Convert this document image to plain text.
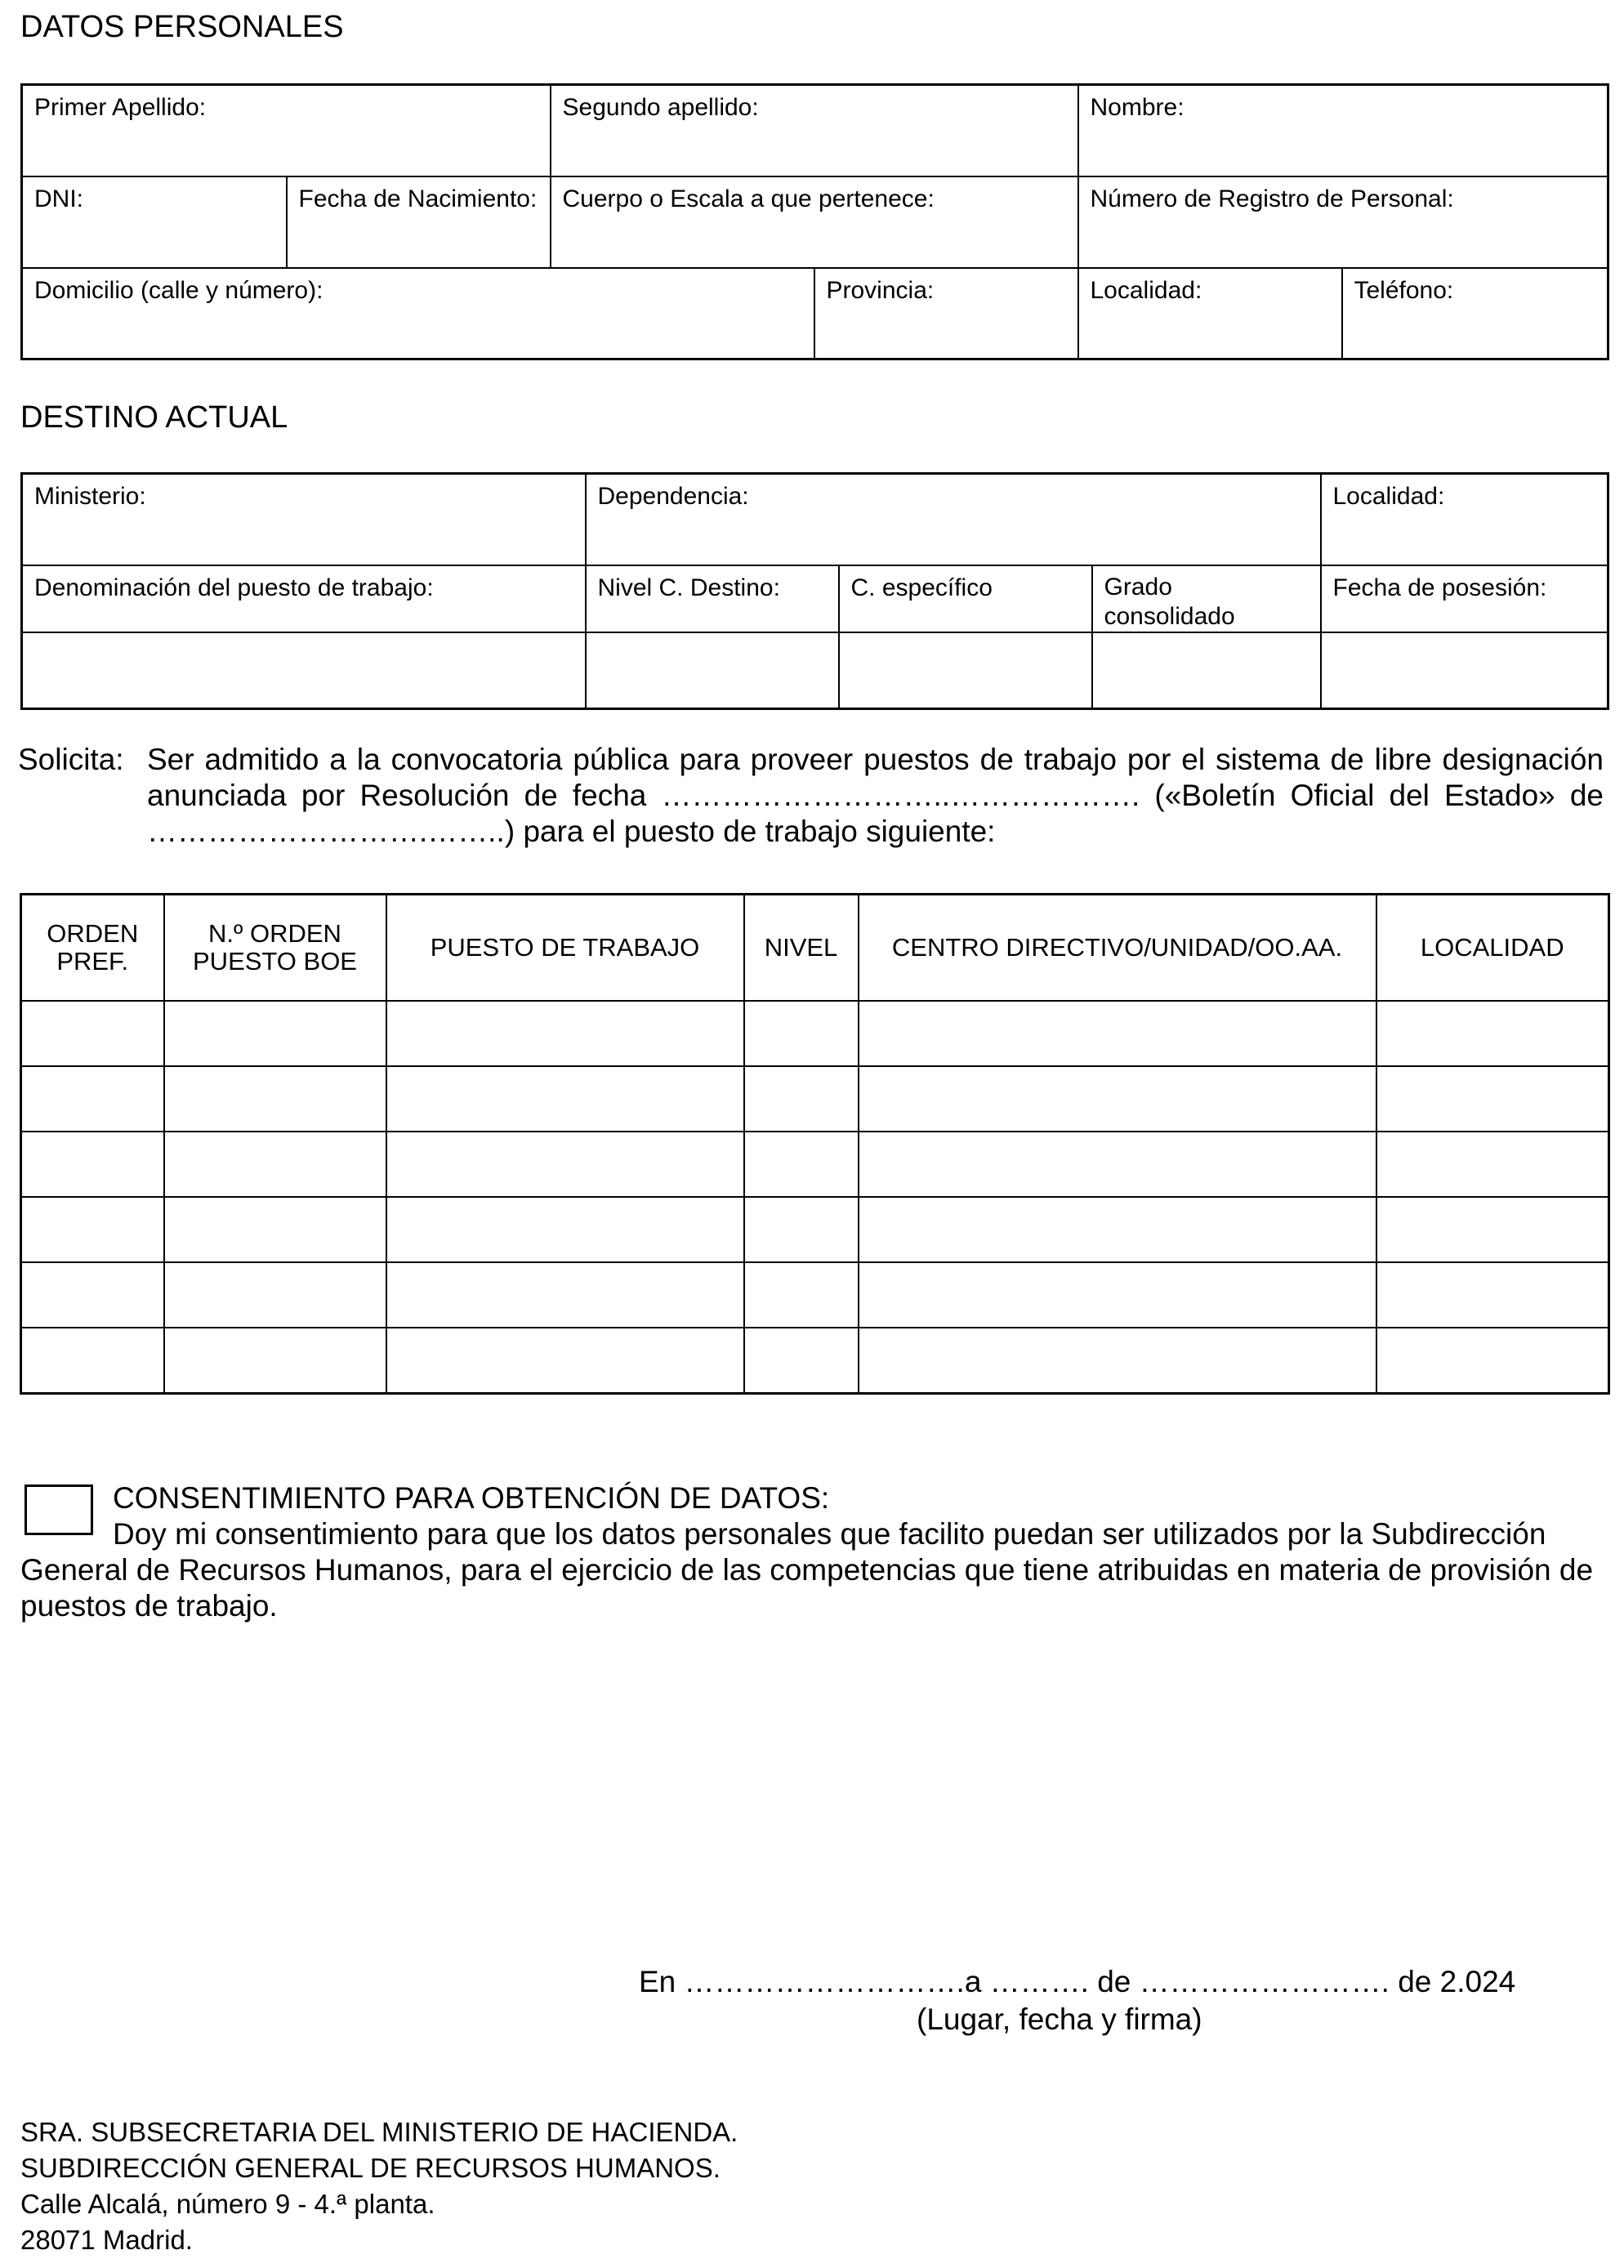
DATOS PERSONALES
Primer Apellido:		Segundo apellido:		Nombre:	
DNI:	Fecha de Nacimiento:	Cuerpo o Escala a que pertenece:		Número de Registro de Personal:	
Domicilio (calle y número):			Provincia:	Localidad:	Teléfono:
DESTINO ACTUAL
Ministerio:	Dependencia:			Localidad:
Denominación del puesto de trabajo:	Nivel C. Destino:	C. específico	Grado consolidado	Fecha de posesión:

Solicita: Ser admitido a la convocatoria pública para proveer puestos de trabajo por el sistema de libre designación anunciada por Resolución de fecha ………………………..………………. («Boletín Oficial del Estado» de ……………………….……..) para el puesto de trabajo siguiente:
ORDEN PREF.	N.º ORDEN PUESTO BOE	PUESTO DE TRABAJO	NIVEL	CENTRO DIRECTIVO/UNIDAD/OO.AA.	LOCALIDAD

CONSENTIMIENTO PARA OBTENCIÓN DE DATOS:
Doy mi consentimiento para que los datos personales que facilito puedan ser utilizados por la Subdirección General de Recursos Humanos, para el ejercicio de las competencias que tiene atribuidas en materia de provisión de puestos de trabajo.
En ……………………….a ………. de ……………………. de 2.024
(Lugar, fecha y firma)
SRA. SUBSECRETARIA DEL MINISTERIO DE HACIENDA.
SUBDIRECCIÓN GENERAL DE RECURSOS HUMANOS.
Calle Alcalá, número 9 - 4.ª planta.
28071 Madrid.
